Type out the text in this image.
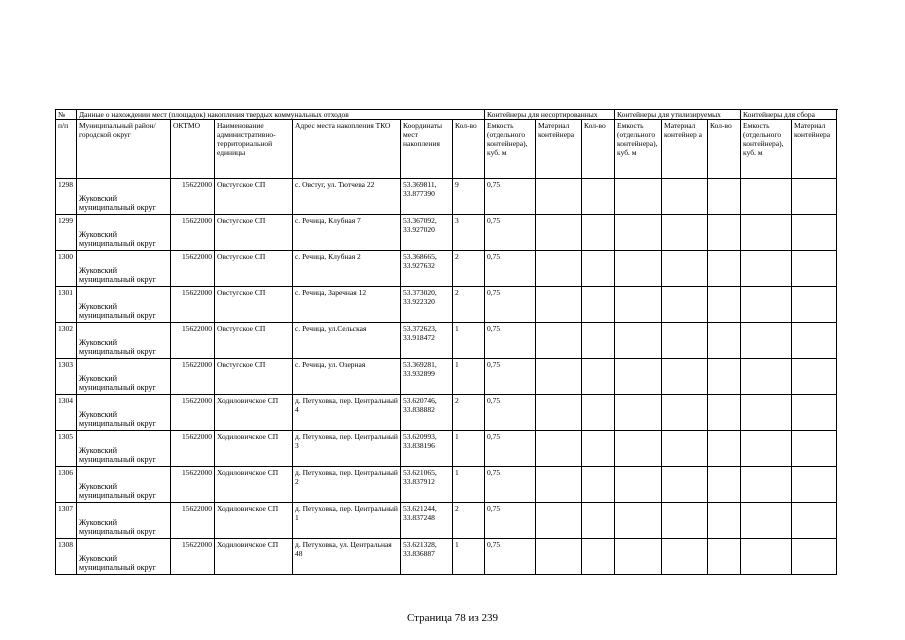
№	Данные о нахождении мест (площадок) накопления твердых коммунальных отходов						Контейнеры для несортированных			Контейнеры для утилизируемых			Контейнеры для сбора	
п/п	Муниципальный район/городской округ	ОКТМО	Наименование административно-территориальной единицы	Адрес места накопления ТКО	Координаты мест накопления	Кол-во	Емкость (отдельного контейнера), куб. м	Материал контейнера	Кол-во	Емкость (отдельного контейнера), куб. м	Материал контейнер а	Кол-во	Емкость (отдельного контейнера), куб. м	Материал контейнера
1298	Жуковский муниципальный округ	15622000	Овстугское СП	с. Овстуг, ул. Тютчева 22	53.369811, 33.877390	9	0,75							
1299	Жуковский муниципальный округ	15622000	Овстугское СП	с. Речица, Клубная 7	53.367092, 33.927020	3	0,75							
1300	Жуковский муниципальный округ	15622000	Овстугское СП	с. Речица, Клубная 2	53.368665, 33.927632	2	0,75							
1301	Жуковский муниципальный округ	15622000	Овстугское СП	с. Речица, Заречная 12	53.373020, 33.922320	2	0,75							
1302	Жуковский муниципальный округ	15622000	Овстугское СП	с. Речица, ул.Сельская	53.372623, 33.918472	1	0,75							
1303	Жуковский муниципальный округ	15622000	Овстугское СП	с. Речица, ул. Озерная	53.369281, 33.932899	1	0,75							
1304	Жуковский муниципальный округ	15622000	Ходиловичское СП	д. Петуховка, пер. Центральный 4	53.620746, 33.838882	2	0,75							
1305	Жуковский муниципальный округ	15622000	Ходиловичское СП	д. Петуховка, пер. Центральный 3	53.620993, 33.838196	1	0,75							
1306	Жуковский муниципальный округ	15622000	Ходиловичское СП	д. Петуховка, пер. Центральный 2	53.621065, 33.837912	1	0,75							
1307	Жуковский муниципальный округ	15622000	Ходиловичское СП	д. Петуховка, пер. Центральный 1	53.621244, 33.837248	2	0,75							
1308	Жуковский муниципальный округ	15622000	Ходиловичское СП	д. Петуховка, ул. Центральная 48	53.621328, 33.836887	1	0,75							
Страница 78 из 239
